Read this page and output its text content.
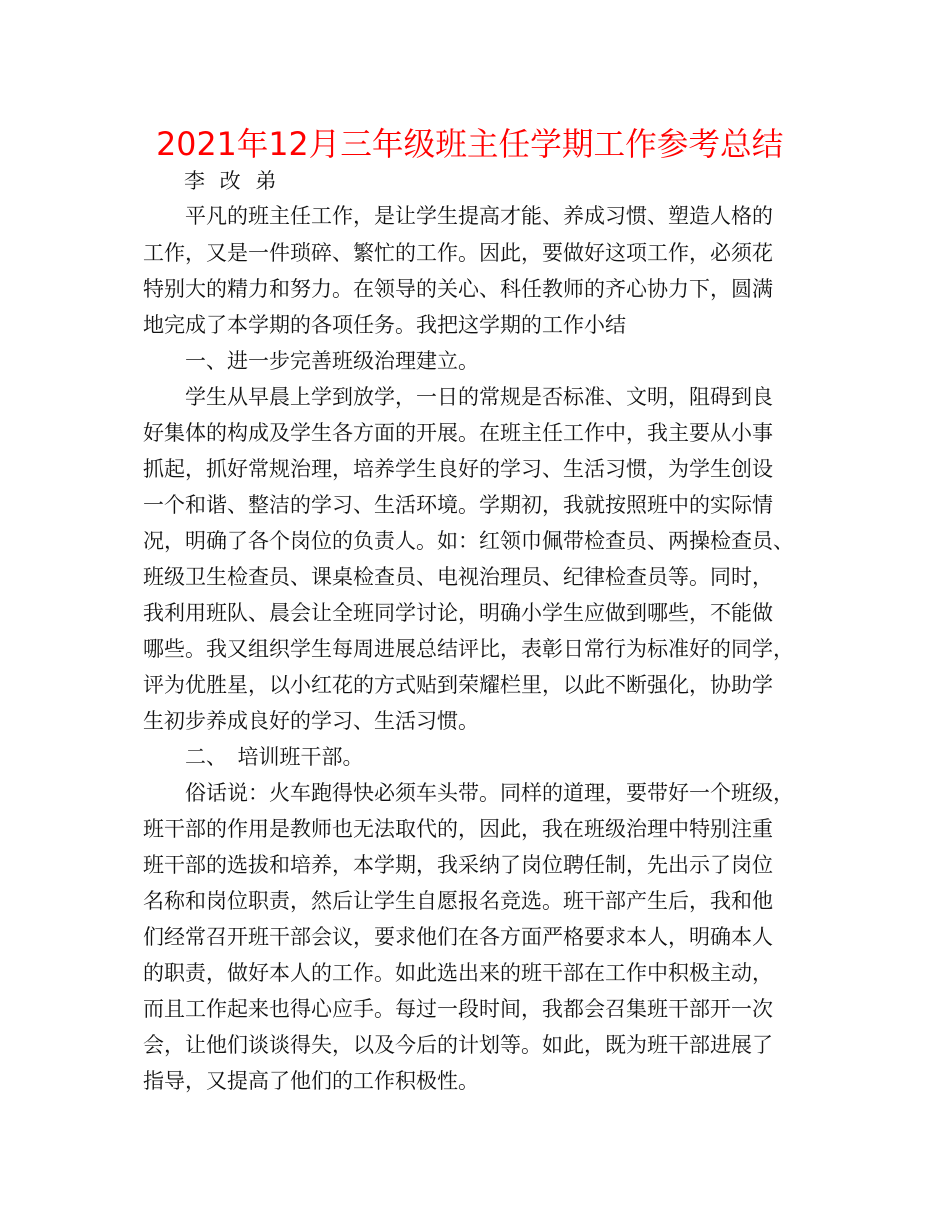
2021年12月三年级班主任学期工作参考总结
李 改 弟
平凡的班主任工作，是让学生提高才能、养成习惯、塑造人格的
工作，又是一件琐碎、繁忙的工作。因此，要做好这项工作，必须花
特别大的精力和努力。在领导的关心、科任教师的齐心协力下，圆满
地完成了本学期的各项任务。我把这学期的工作小结
一、进一步完善班级治理建立。
学生从早晨上学到放学，一日的常规是否标准、文明，阻碍到良
好集体的构成及学生各方面的开展。在班主任工作中，我主要从小事
抓起，抓好常规治理，培养学生良好的学习、生活习惯，为学生创设
一个和谐、整洁的学习、生活环境。学期初，我就按照班中的实际情
况，明确了各个岗位的负责人。如：红领巾佩带检查员、两操检查员、
班级卫生检查员、课桌检查员、电视治理员、纪律检查员等。同时，
我利用班队、晨会让全班同学讨论，明确小学生应做到哪些，不能做
哪些。我又组织学生每周进展总结评比，表彰日常行为标准好的同学，
评为优胜星，以小红花的方式贴到荣耀栏里，以此不断强化，协助学
生初步养成良好的学习、生活习惯。
二、　培训班干部。
俗话说：火车跑得快必须车头带。同样的道理，要带好一个班级，
班干部的作用是教师也无法取代的，因此，我在班级治理中特别注重
班干部的选拔和培养，本学期，我采纳了岗位聘任制，先出示了岗位
名称和岗位职责，然后让学生自愿报名竞选。班干部产生后，我和他
们经常召开班干部会议，要求他们在各方面严格要求本人，明确本人
的职责，做好本人的工作。如此选出来的班干部在工作中积极主动，
而且工作起来也得心应手。每过一段时间，我都会召集班干部开一次
会，让他们谈谈得失，以及今后的计划等。如此，既为班干部进展了
指导，又提高了他们的工作积极性。
